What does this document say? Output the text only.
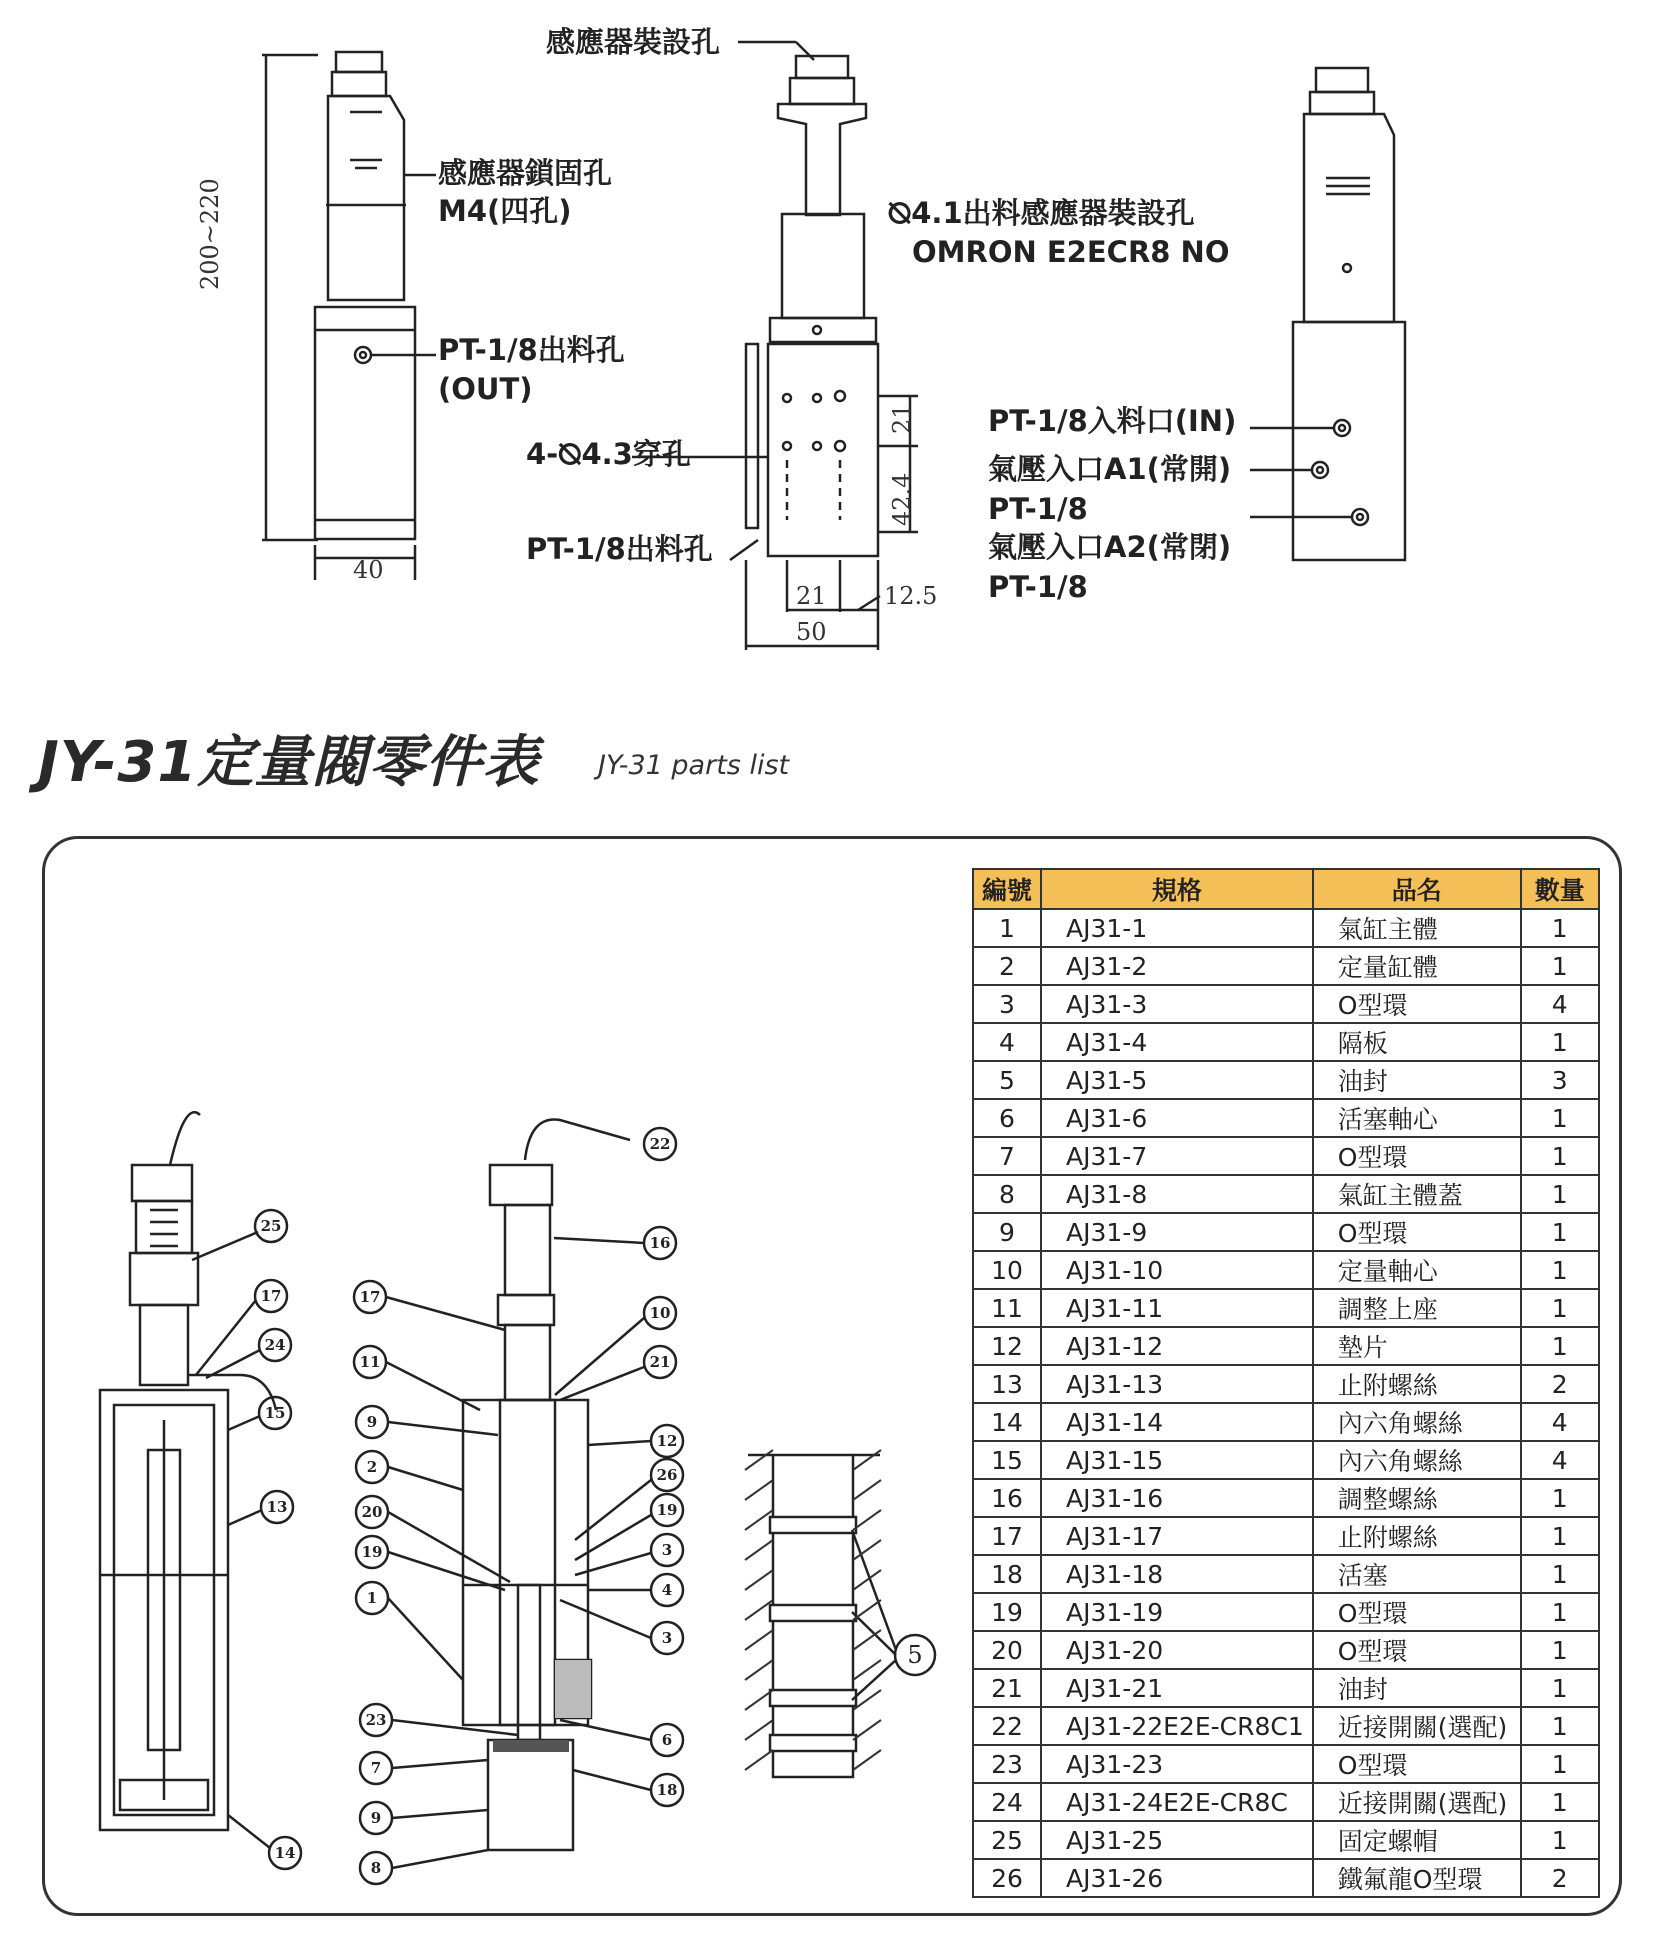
感應器裝設孔
感應器鎖固孔
M4(四孔)
PT-1/8出料孔
(OUT)
4-⦰4.3穿孔
PT-1/8出料孔
⦰4.1出料感應器裝設孔
OMRON E2ECR8 NO
PT-1/8入料口(IN)
氣壓入口A1(常開)
PT-1/8
氣壓入口A2(常閉)
PT-1/8
200~220
40
21
42.4
21 12.5
50
JY-31定量閥零件表 JY-31 parts list
25
17
24
15
13
14
17
11
9
2
20
19
1
23
7
9
8
22
16
10
21
12
26
19
3
4
3
6
18
5
編號	規格	品名	數量
1	AJ31-1	氣缸主體	1
2	AJ31-2	定量缸體	1
3	AJ31-3	O型環	4
4	AJ31-4	隔板	1
5	AJ31-5	油封	3
6	AJ31-6	活塞軸心	1
7	AJ31-7	O型環	1
8	AJ31-8	氣缸主體蓋	1
9	AJ31-9	O型環	1
10	AJ31-10	定量軸心	1
11	AJ31-11	調整上座	1
12	AJ31-12	墊片	1
13	AJ31-13	止附螺絲	2
14	AJ31-14	內六角螺絲	4
15	AJ31-15	內六角螺絲	4
16	AJ31-16	調整螺絲	1
17	AJ31-17	止附螺絲	1
18	AJ31-18	活塞	1
19	AJ31-19	O型環	1
20	AJ31-20	O型環	1
21	AJ31-21	油封	1
22	AJ31-22E2E-CR8C1	近接開關(選配)	1
23	AJ31-23	O型環	1
24	AJ31-24E2E-CR8C	近接開關(選配)	1
25	AJ31-25	固定螺帽	1
26	AJ31-26	鐵氟龍O型環	2
